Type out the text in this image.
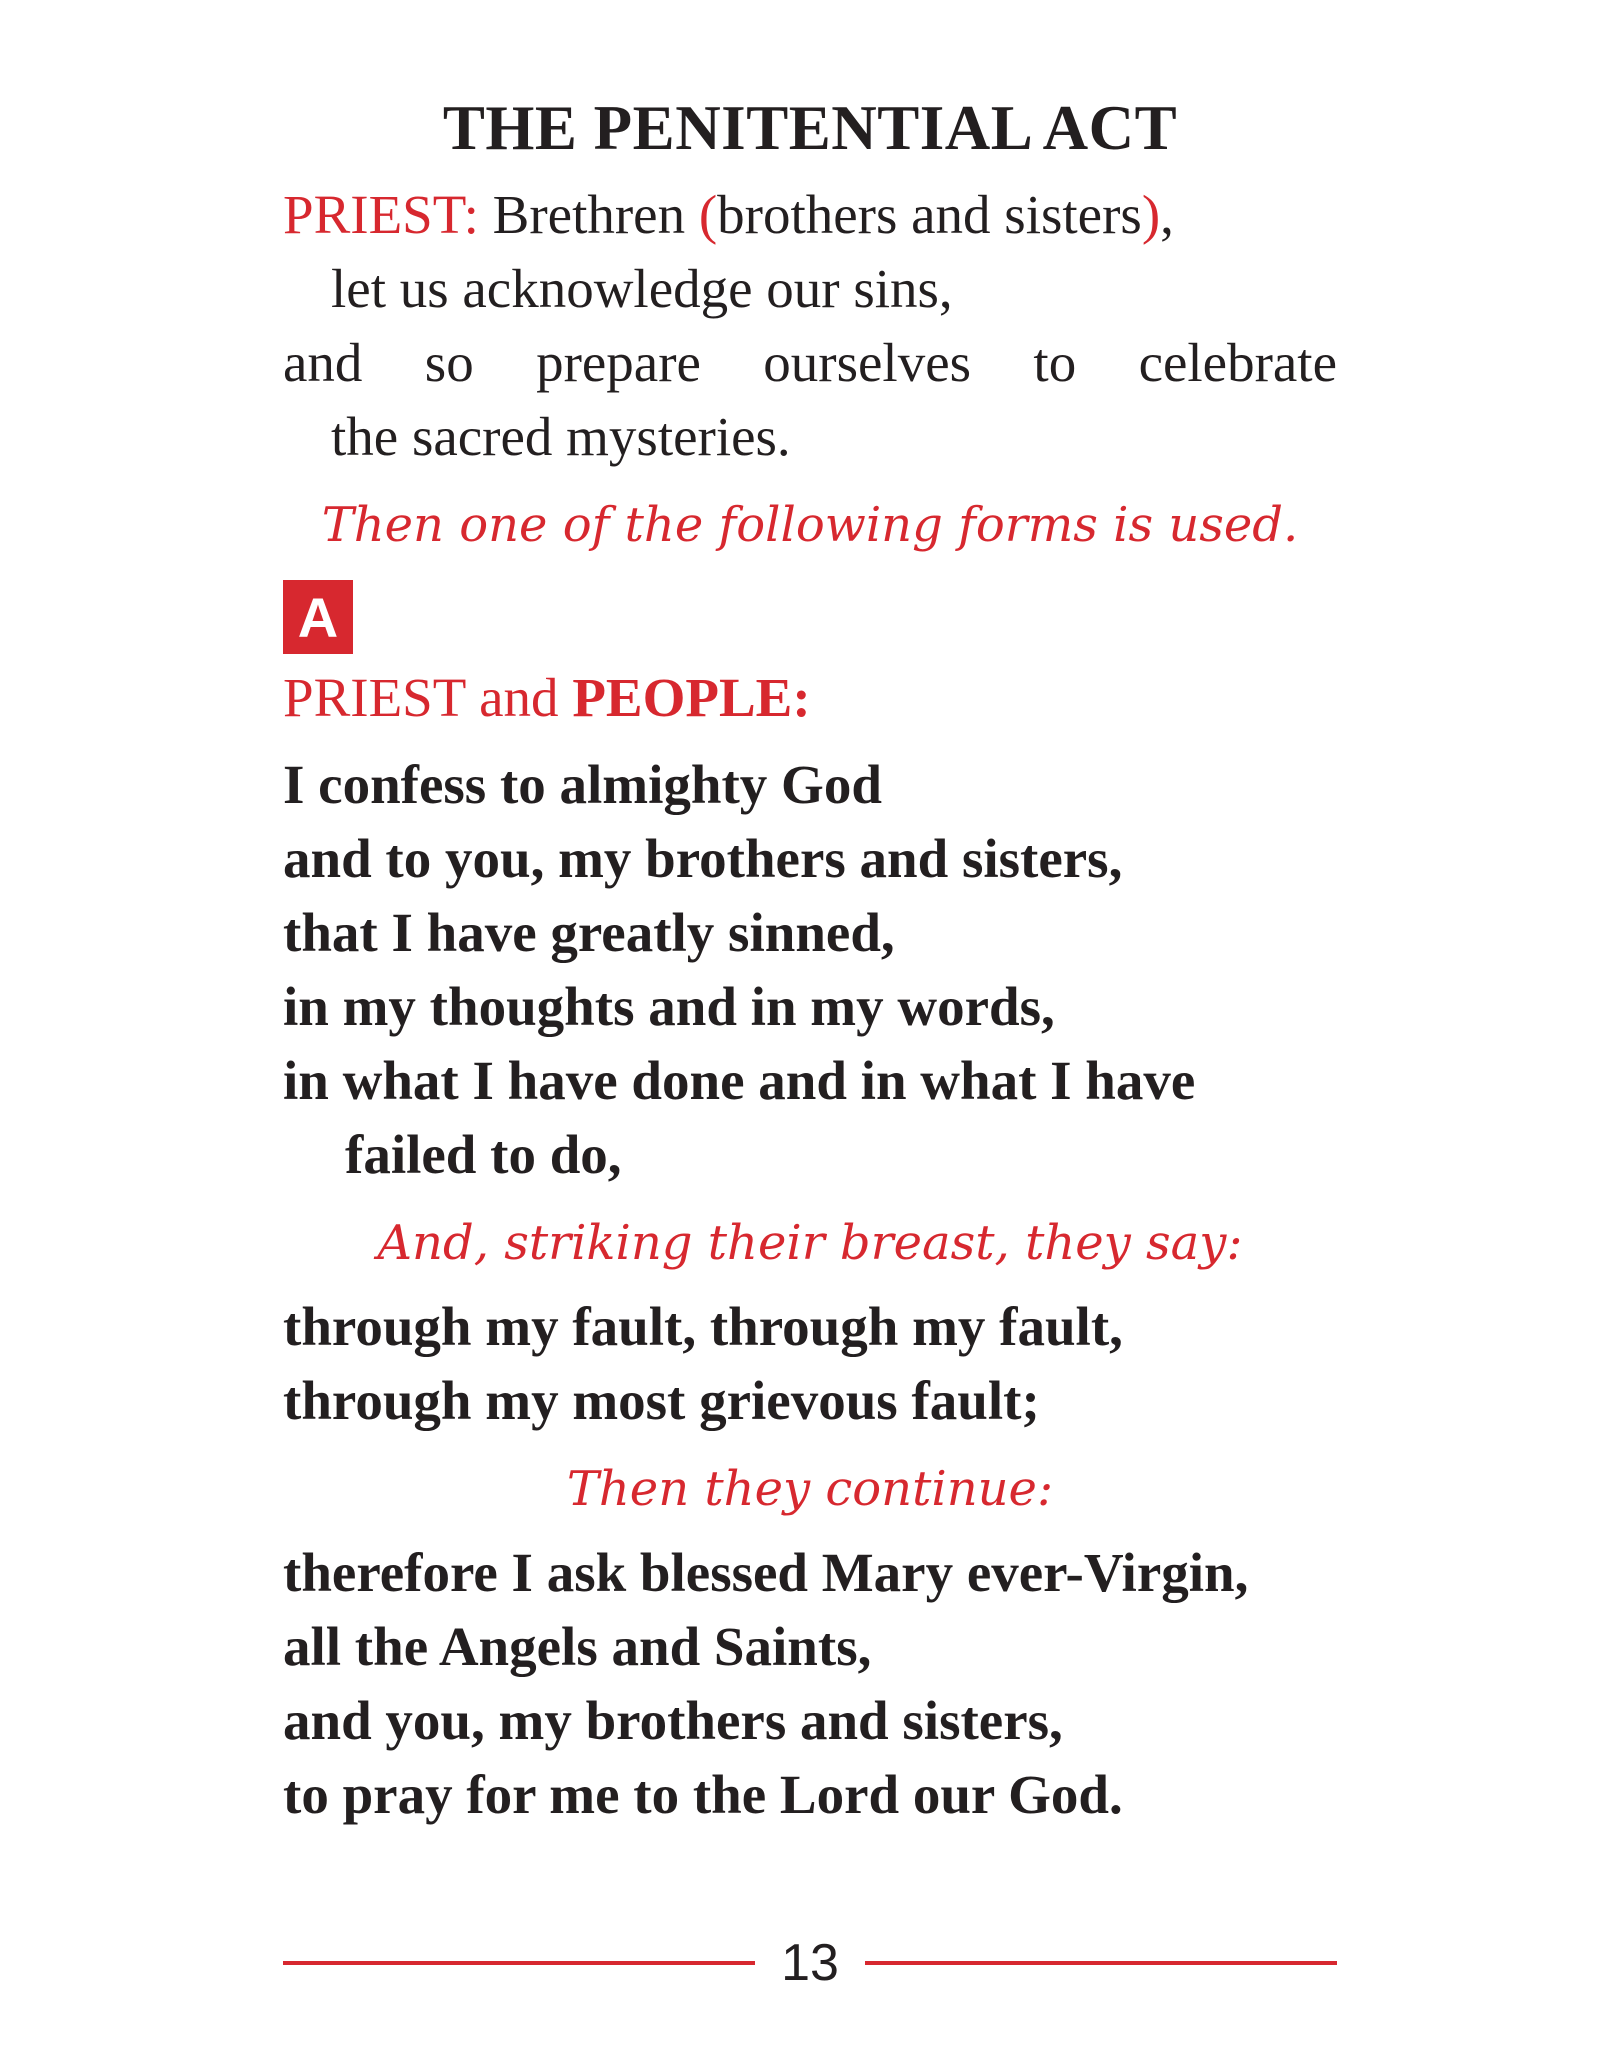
THE PENITENTIAL ACT
PRIEST: Brethren (brothers and sisters),
let us acknowledge our sins,
and so prepare ourselves to celebrate
the sacred mysteries.
Then one of the following forms is used.
A
PRIEST and PEOPLE:
I confess to almighty God
and to you, my brothers and sisters,
that I have greatly sinned,
in my thoughts and in my words,
in what I have done and in what I have
failed to do,
And, striking their breast, they say:
through my fault, through my fault,
through my most grievous fault;
Then they continue:
therefore I ask blessed Mary ever-Virgin,
all the Angels and Saints,
and you, my brothers and sisters,
to pray for me to the Lord our God.
13
